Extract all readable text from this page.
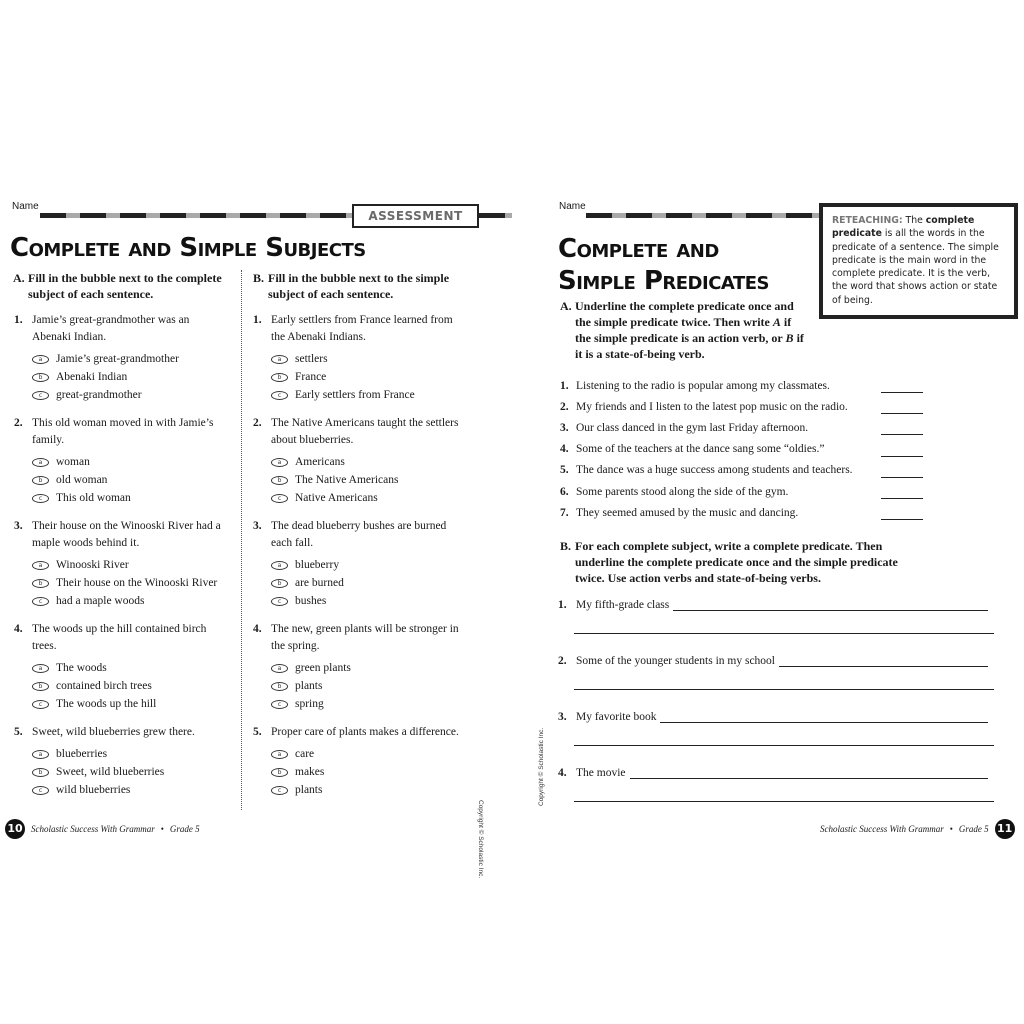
Name
ASSESSMENT
Complete and Simple Subjects
A. Fill in the bubble next to the complete subject of each sentence.
B. Fill in the bubble next to the simple subject of each sentence.
1. Jamie’s great-grandmother was an Abenaki Indian.
a	Jamie’s great-grandmother
b	Abenaki Indian
c	great-grandmother
2. This old woman moved in with Jamie’s family.
a	woman
b	old woman
c	This old woman
3. Their house on the Winooski River had a maple woods behind it.
a	Winooski River
b	Their house on the Winooski River
c	had a maple woods
4. The woods up the hill contained birch trees.
a	The woods
b	contained birch trees
c	The woods up the hill
5. Sweet, wild blueberries grew there.
a	blueberries
b	Sweet, wild blueberries
c	wild blueberries
1. Early settlers from France learned from the Abenaki Indians.
a	settlers
b	France
c	Early settlers from France
2. The Native Americans taught the settlers about blueberries.
a	Americans
b	The Native Americans
c	Native Americans
3. The dead blueberry bushes are burned each fall.
a	blueberry
b	are burned
c	bushes
4. The new, green plants will be stronger in the spring.
a	green plants
b	plants
c	spring
5. Proper care of plants makes a difference.
a	care
b	makes
c	plants
Copyright © Scholastic Inc.
10 Scholastic Success With Grammar • Grade 5
Name
Complete and
Simple Predicates
RETEACHING: The complete predicate is all the words in the predicate of a sentence. The simple predicate is the main word in the complete predicate. It is the verb, the word that shows action or state of being.
A. Underline the complete predicate once and the simple predicate twice. Then write A if the simple predicate is an action verb, or B if it is a state-of-being verb.
1. Listening to the radio is popular among my classmates.
2. My friends and I listen to the latest pop music on the radio.
3. Our class danced in the gym last Friday afternoon.
4. Some of the teachers at the dance sang some “oldies.”
5. The dance was a huge success among students and teachers.
6. Some parents stood along the side of the gym.
7. They seemed amused by the music and dancing.
B. For each complete subject, write a complete predicate. Then underline the complete predicate once and the simple predicate twice. Use action verbs and state-of-being verbs.
1. My fifth-grade class
2. Some of the younger students in my school
3. My favorite book
4. The movie
Copyright © Scholastic Inc.
Scholastic Success With Grammar • Grade 5 11
